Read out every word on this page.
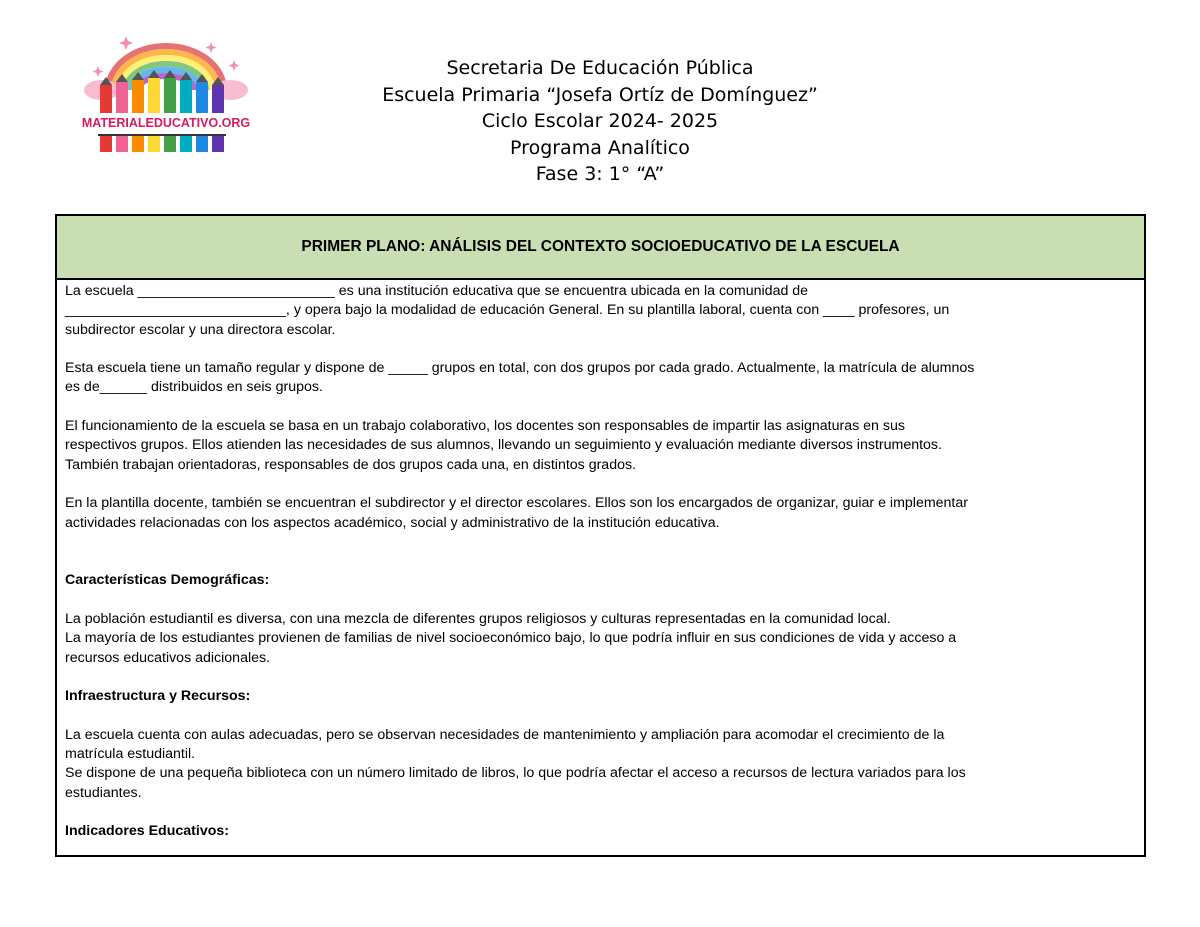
MATERIALEDUCATIVO.ORG
Secretaria De Educación Pública
Escuela Primaria “Josefa Ortíz de Domínguez”
Ciclo Escolar 2024- 2025
Programa Analítico
Fase 3: 1° “A”
PRIMER PLANO: ANÁLISIS DEL CONTEXTO SOCIOEDUCATIVO DE LA ESCUELA

La escuela _________________________ es una institución educativa que se encuentra ubicada en la comunidad de

____________________________, y opera bajo la modalidad de educación General. En su plantilla laboral, cuenta con ____ profesores, un

subdirector escolar y una directora escolar.

Esta escuela tiene un tamaño regular y dispone de _____ grupos en total, con dos grupos por cada grado. Actualmente, la matrícula de alumnos

es de______ distribuidos en seis grupos.

El funcionamiento de la escuela se basa en un trabajo colaborativo, los docentes son responsables de impartir las asignaturas en sus

respectivos grupos. Ellos atienden las necesidades de sus alumnos, llevando un seguimiento y evaluación mediante diversos instrumentos.

También trabajan orientadoras, responsables de dos grupos cada una, en distintos grados.

En la plantilla docente, también se encuentran el subdirector y el director escolares. Ellos son los encargados de organizar, guiar e implementar

actividades relacionadas con los aspectos académico, social y administrativo de la institución educativa.

Características Demográficas:

La población estudiantil es diversa, con una mezcla de diferentes grupos religiosos y culturas representadas en la comunidad local.

La mayoría de los estudiantes provienen de familias de nivel socioeconómico bajo, lo que podría influir en sus condiciones de vida y acceso a

recursos educativos adicionales.

Infraestructura y Recursos:

La escuela cuenta con aulas adecuadas, pero se observan necesidades de mantenimiento y ampliación para acomodar el crecimiento de la

matrícula estudiantil.

Se dispone de una pequeña biblioteca con un número limitado de libros, lo que podría afectar el acceso a recursos de lectura variados para los

estudiantes.

Indicadores Educativos:
